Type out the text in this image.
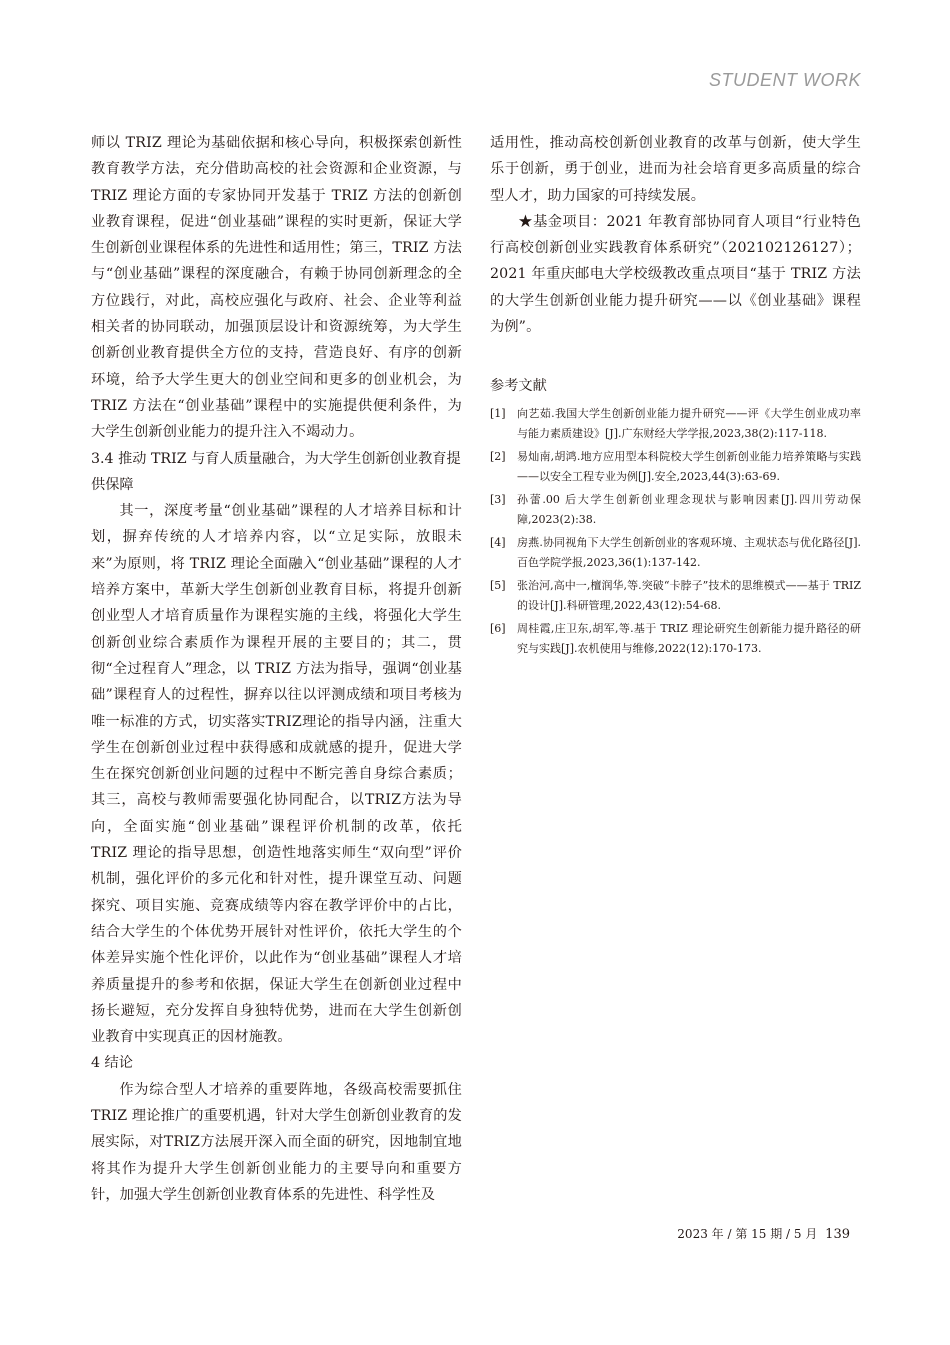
STUDENT WORK

师以 TRIZ 理论为基础依据和核心导向，积极探索创新性教育教学方法，充分借助高校的社会资源和企业资源，与 TRIZ 理论方面的专家协同开发基于 TRIZ 方法的创新创业教育课程，促进“创业基础”课程的实时更新，保证大学生创新创业课程体系的先进性和适用性；第三，TRIZ 方法与“创业基础”课程的深度融合，有赖于协同创新理念的全方位践行，对此，高校应强化与政府、社会、企业等利益相关者的协同联动，加强顶层设计和资源统筹，为大学生创新创业教育提供全方位的支持，营造良好、有序的创新环境，给予大学生更大的创业空间和更多的创业机会，为 TRIZ 方法在“创业基础”课程中的实施提供便利条件，为大学生创新创业能力的提升注入不竭动力。

3.4 推动 TRIZ 与育人质量融合，为大学生创新创业教育提供保障

其一，深度考量“创业基础”课程的人才培养目标和计划，摒弃传统的人才培养内容，以“立足实际，放眼未来”为原则，将 TRIZ 理论全面融入“创业基础”课程的人才培养方案中，革新大学生创新创业教育目标，将提升创新创业型人才培育质量作为课程实施的主线，将强化大学生创新创业综合素质作为课程开展的主要目的；其二，贯彻“全过程育人”理念，以 TRIZ 方法为指导，强调“创业基础”课程育人的过程性，摒弃以往以评测成绩和项目考核为唯一标准的方式，切实落实TRIZ理论的指导内涵，注重大学生在创新创业过程中获得感和成就感的提升，促进大学生在探究创新创业问题的过程中不断完善自身综合素质；其三，高校与教师需要强化协同配合，以TRIZ方法为导向，全面实施“创业基础”课程评价机制的改革，依托 TRIZ 理论的指导思想，创造性地落实师生“双向型”评价机制，强化评价的多元化和针对性，提升课堂互动、问题探究、项目实施、竞赛成绩等内容在教学评价中的占比，结合大学生的个体优势开展针对性评价，依托大学生的个体差异实施个性化评价，以此作为“创业基础”课程人才培养质量提升的参考和依据，保证大学生在创新创业过程中扬长避短，充分发挥自身独特优势，进而在大学生创新创业教育中实现真正的因材施教。

4 结论

作为综合型人才培养的重要阵地，各级高校需要抓住 TRIZ 理论推广的重要机遇，针对大学生创新创业教育的发展实际，对TRIZ方法展开深入而全面的研究，因地制宜地将其作为提升大学生创新创业能力的主要导向和重要方针，加强大学生创新创业教育体系的先进性、科学性及

适用性，推动高校创新创业教育的改革与创新，使大学生乐于创新，勇于创业，进而为社会培育更多高质量的综合型人才，助力国家的可持续发展。

★基金项目：2021 年教育部协同育人项目“行业特色行高校创新创业实践教育体系研究”（202102126127）；2021 年重庆邮电大学校级教改重点项目“基于 TRIZ 方法的大学生创新创业能力提升研究——以《创业基础》课程为例”。

参考文献

[1]	向艺茹.我国大学生创新创业能力提升研究——评《大学生创业成功率与能力素质建设》[J].广东财经大学学报,2023,38(2):117-118.
[2]	易灿南,胡鸿.地方应用型本科院校大学生创新创业能力培养策略与实践——以安全工程专业为例[J].安全,2023,44(3):63-69.
[3]	孙蕾.00 后大学生创新创业理念现状与影响因素[J].四川劳动保障,2023(2):38.
[4]	房燕.协同视角下大学生创新创业的客观环境、主观状态与优化路径[J].百色学院学报,2023,36(1):137-142.
[5]	张治河,高中一,檀润华,等.突破“卡脖子”技术的思维模式——基于 TRIZ 的设计[J].科研管理,2022,43(12):54-68.
[6]	周桂霞,庄卫东,胡军,等.基于 TRIZ 理论研究生创新能力提升路径的研究与实践[J].农机使用与维修,2022(12):170-173.
2023 年 / 第 15 期 / 5 月 139
